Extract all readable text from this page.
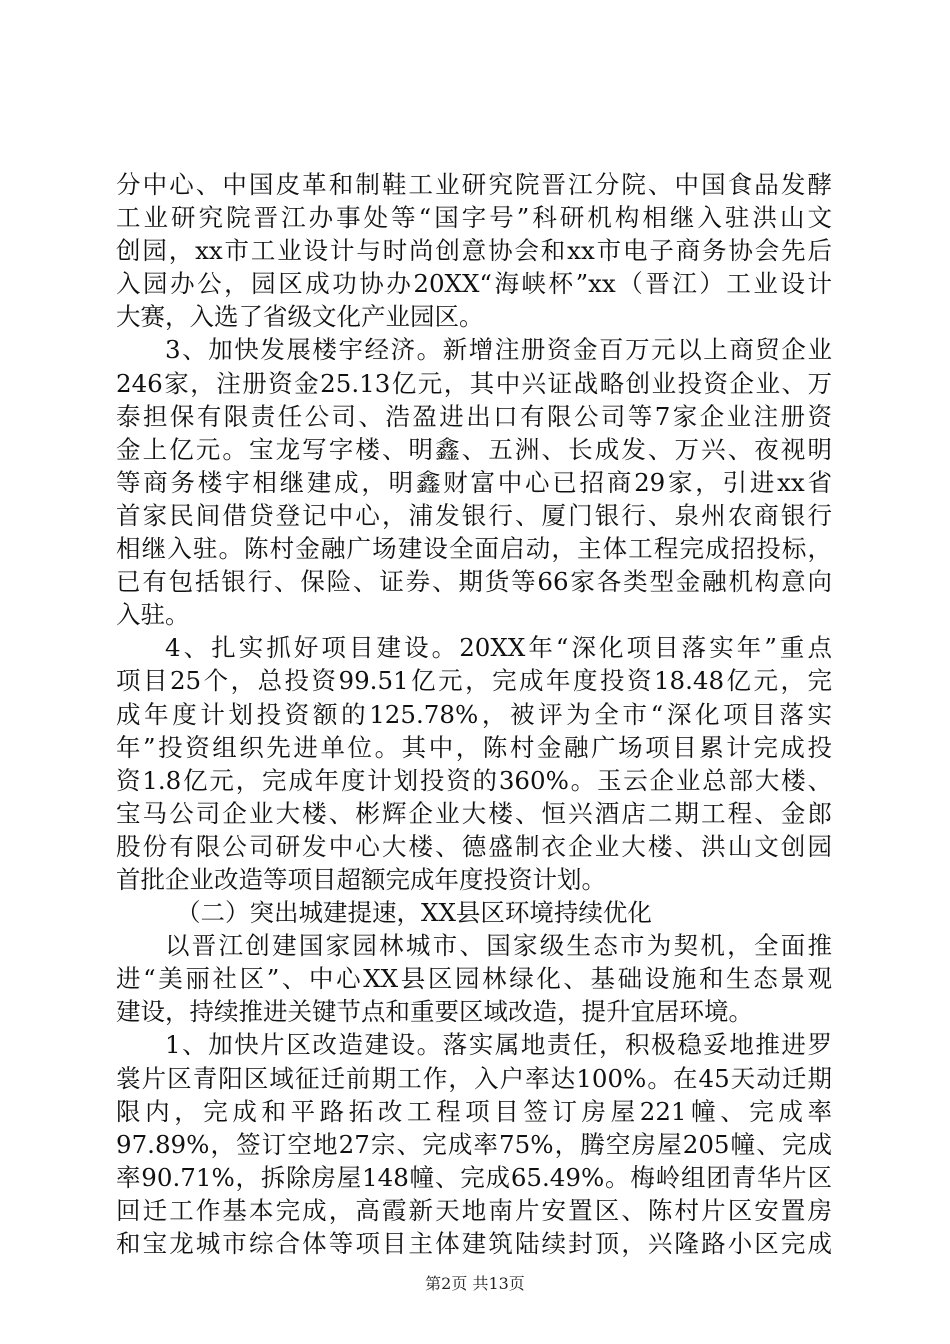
分中心、中国皮革和制鞋工业研究院晋江分院、中国食品发酵
工业研究院晋江办事处等“国字号”科研机构相继入驻洪山文
创园，xx市工业设计与时尚创意协会和xx市电子商务协会先后
入园办公，园区成功协办20XX“海峡杯”xx（晋江）工业设计
大赛，入选了省级文化产业园区。
3、加快发展楼宇经济。新增注册资金百万元以上商贸企业
246家，注册资金25.13亿元，其中兴证战略创业投资企业、万
泰担保有限责任公司、浩盈进出口有限公司等7家企业注册资
金上亿元。宝龙写字楼、明鑫、五洲、长成发、万兴、夜视明
等商务楼宇相继建成，明鑫财富中心已招商29家，引进xx省
首家民间借贷登记中心，浦发银行、厦门银行、泉州农商银行
相继入驻。陈村金融广场建设全面启动，主体工程完成招投标，
已有包括银行、保险、证券、期货等66家各类型金融机构意向
入驻。
4、扎实抓好项目建设。20XX年“深化项目落实年”重点
项目25个，总投资99.51亿元，完成年度投资18.48亿元，完
成年度计划投资额的125.78%，被评为全市“深化项目落实
年”投资组织先进单位。其中，陈村金融广场项目累计完成投
资1.8亿元，完成年度计划投资的360%。玉云企业总部大楼、
宝马公司企业大楼、彬辉企业大楼、恒兴酒店二期工程、金郎
股份有限公司研发中心大楼、德盛制衣企业大楼、洪山文创园
首批企业改造等项目超额完成年度投资计划。
（二）突出城建提速，XX县区环境持续优化
以晋江创建国家园林城市、国家级生态市为契机，全面推
进“美丽社区”、中心XX县区园林绿化、基础设施和生态景观
建设，持续推进关键节点和重要区域改造，提升宜居环境。
1、加快片区改造建设。落实属地责任，积极稳妥地推进罗
裳片区青阳区域征迁前期工作，入户率达100%。在45天动迁期
限内，完成和平路拓改工程项目签订房屋221幢、完成率
97.89%，签订空地27宗、完成率75%，腾空房屋205幢、完成
率90.71%，拆除房屋148幢、完成65.49%。梅岭组团青华片区
回迁工作基本完成，高霞新天地南片安置区、陈村片区安置房
和宝龙城市综合体等项目主体建筑陆续封顶，兴隆路小区完成
第2页 共13页
